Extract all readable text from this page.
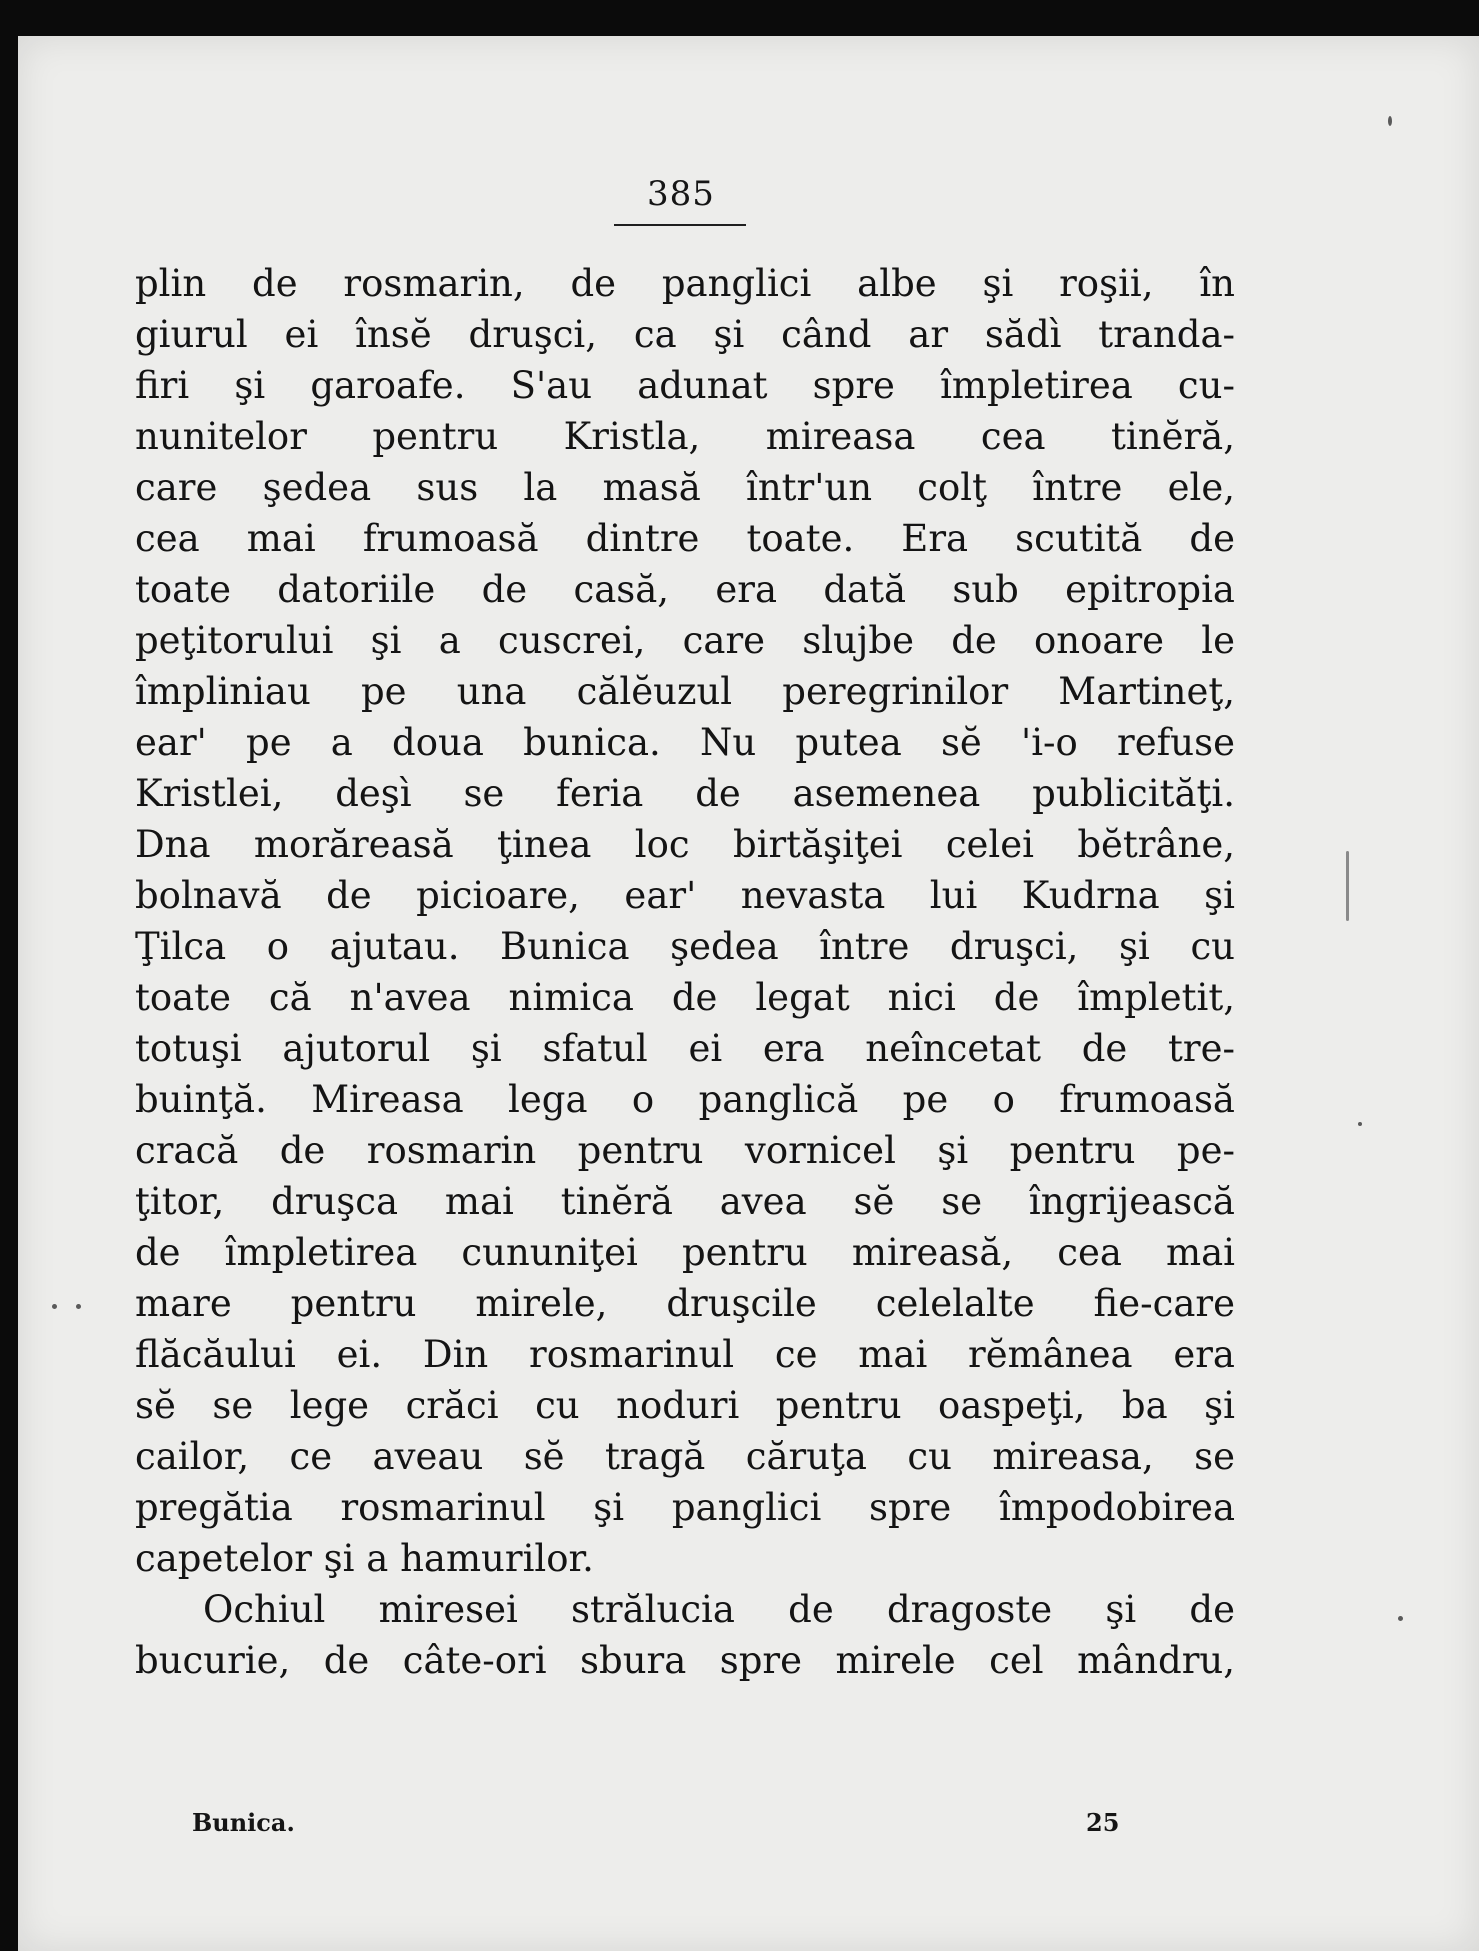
385
plin de rosmarin, de panglici albe şi roşii, în
giurul ei însĕ druşci, ca şi când ar sădì tranda-
firi şi garoafe. S'au adunat spre împletirea cu-
nunitelor pentru Kristla, mireasa cea tinĕră,
care şedea sus la masă într'un colţ între ele,
cea mai frumoasă dintre toate. Era scutită de
toate datoriile de casă, era dată sub epitropia
peţitorului şi a cuscrei, care slujbe de onoare le
împliniau pe una călĕuzul peregrinilor Martineţ,
ear' pe a doua bunica. Nu putea sĕ 'i-o refuse
Kristlei, deşì se feria de asemenea publicităţi.
Dna morăreasă ţinea loc birtăşiţei celei bĕtrâne,
bolnavă de picioare, ear' nevasta lui Kudrna şi
Ţilca o ajutau. Bunica şedea între druşci, şi cu
toate că n'avea nimica de legat nici de împletit,
totuşi ajutorul şi sfatul ei era neîncetat de tre-
buinţă. Mireasa lega o panglică pe o frumoasă
cracă de rosmarin pentru vornicel şi pentru pe-
ţitor, druşca mai tinĕră avea sĕ se îngrijească
de împletirea cununiţei pentru mireasă, cea mai
mare pentru mirele, druşcile celelalte fie-care
flăcăului ei. Din rosmarinul ce mai rĕmânea era
sĕ se lege crăci cu noduri pentru oaspeţi, ba şi
cailor, ce aveau sĕ tragă căruţa cu mireasa, se
pregătia rosmarinul şi panglici spre împodobirea
capetelor şi a hamurilor.
Ochiul miresei strălucia de dragoste şi de
bucurie, de câte-ori sbura spre mirele cel mândru,
Bunica.	25
